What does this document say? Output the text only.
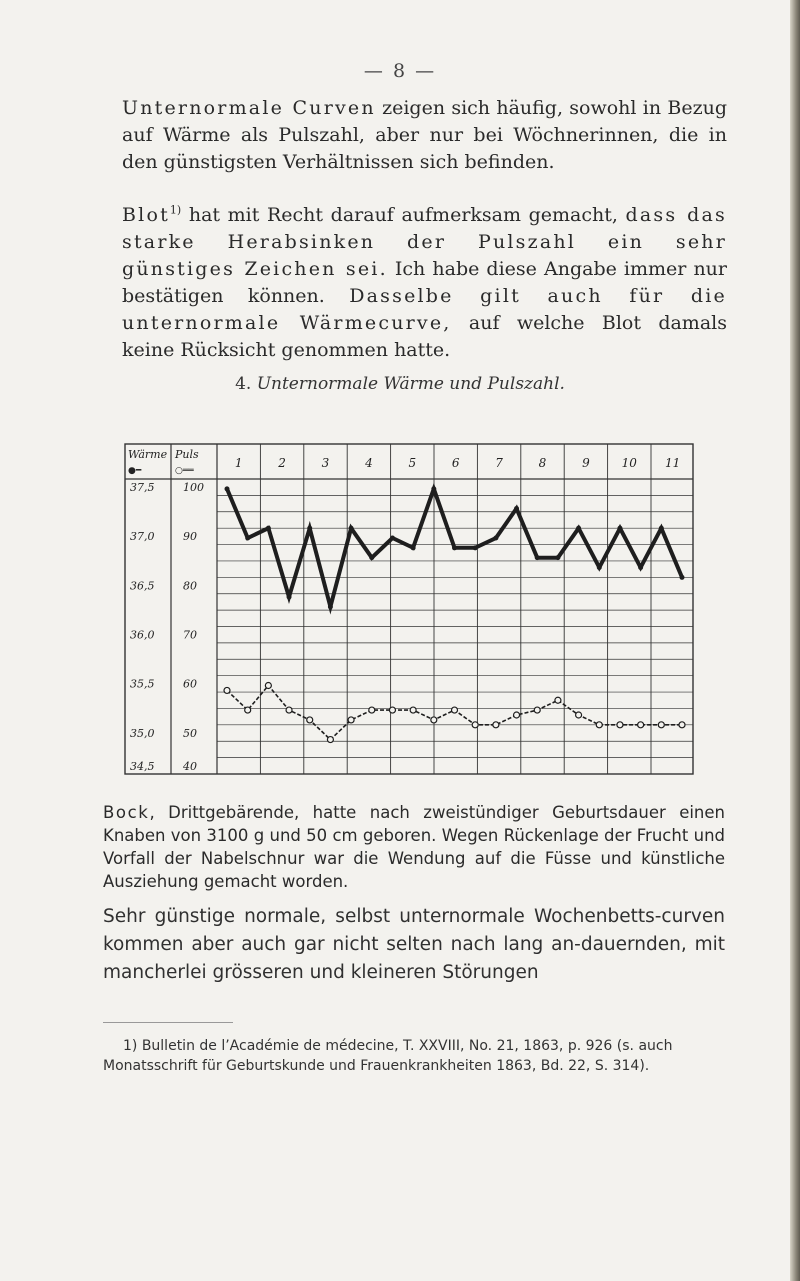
— 8 —

Unternormale Curven zeigen sich häufig, sowohl in Bezug auf Wärme als Pulszahl, aber nur bei Wöchnerinnen, die in den günstigsten Verhältnissen sich befinden.

Blot$^{1)}$ hat mit Recht darauf aufmerksam gemacht, dass das starke Herabsinken der Pulszahl ein sehr günstiges Zeichen sei. Ich habe diese Angabe immer nur bestätigen können. Dasselbe gilt auch für die unternormale Wärmecurve, auf welche Blot damals keine Rücksicht genommen hatte.

4. Unternormale Wärme und Pulszahl.
Wärme
●━
Puls
○══
1	2	3	4	5	6	7	8	9	10 11
37,5
37,0
36,5
36,0
35,5
35,0
34,5
100
90
80
70
60
50
40

Bock, Drittgebärende, hatte nach zweistündiger Geburtsdauer einen Knaben von 3100 g und 50 cm geboren. Wegen Rückenlage der Frucht und Vorfall der Nabelschnur war die Wendung auf die Füsse und künstliche Ausziehung gemacht worden.

Sehr günstige normale, selbst unternormale Wochenbetts-curven kommen aber auch gar nicht selten nach lang an-dauernden, mit mancherlei grösseren und kleineren Störungen

1) Bulletin de l’Académie de médecine, T. XXVIII, No. 21, 1863, p. 926 (s. auch Monatsschrift für Geburtskunde und Frauenkrankheiten 1863, Bd. 22, S. 314).
